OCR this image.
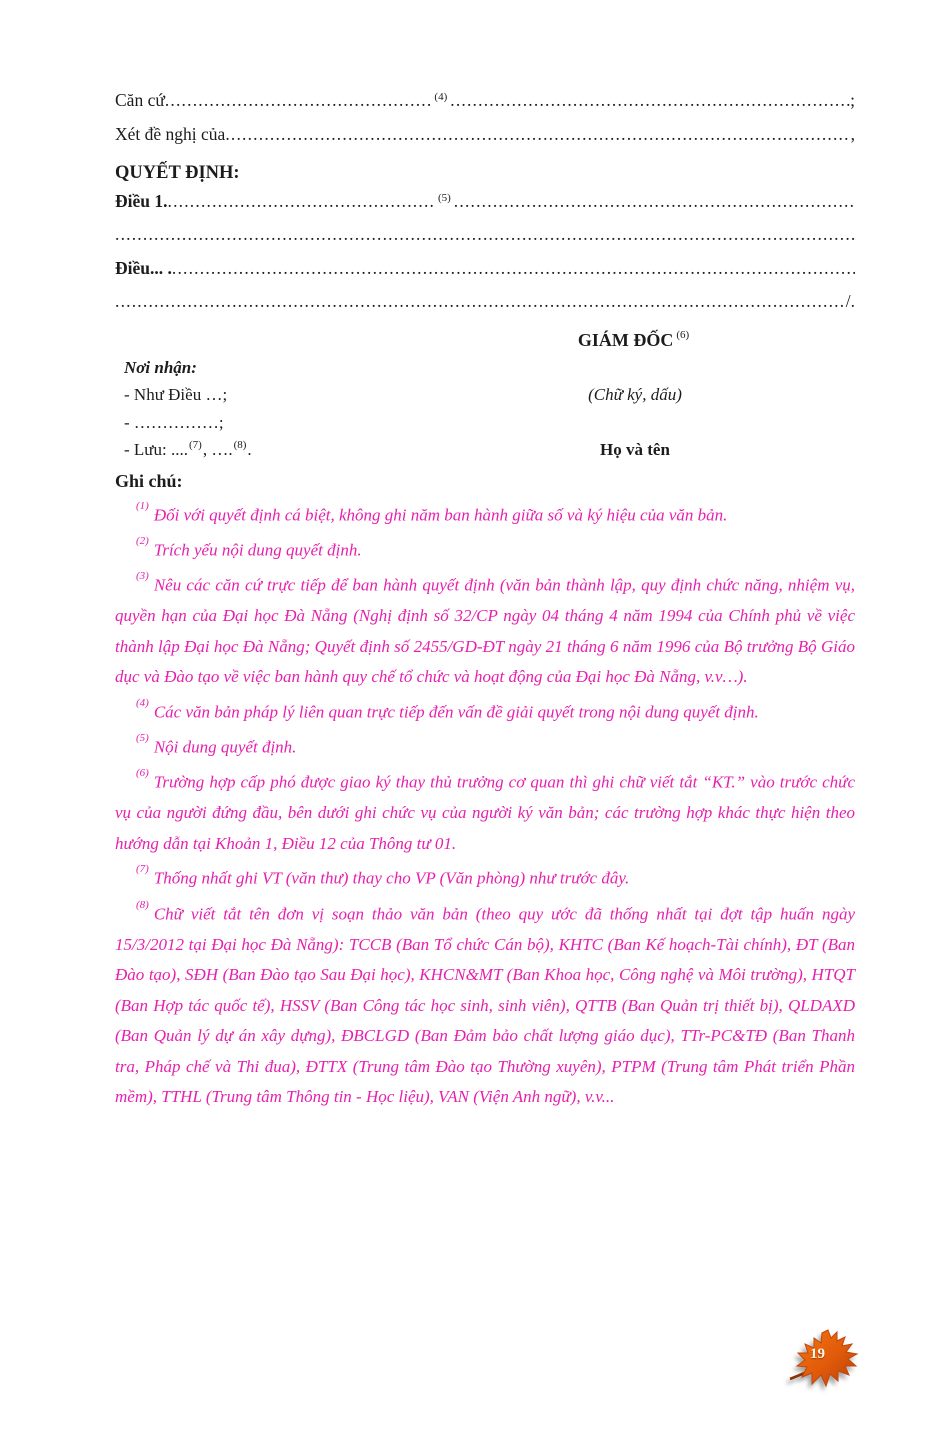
Căn cứ .....	(4) .....	;
Xét đề nghị của .....	,
QUYẾT ĐỊNH:
Điều 1. .....	(5)
.....
.....
Điều... .
.....
.....
/.
Nơi nhận:
- Như Điều …;
- ……………;
- Lưu: .... (7) , …. (8) .
GIÁM ĐỐC (6)
(Chữ ký, dấu)
Họ và tên
Ghi chú:

$^{(1)}$ Đối với quyết định cá biệt, không ghi năm ban hành giữa số và ký hiệu của văn bản.

$^{(2)}$ Trích yếu nội dung quyết định.

$^{(3)}$ Nêu các căn cứ trực tiếp để ban hành quyết định (văn bản thành lập, quy định chức năng, nhiệm vụ, quyền hạn của Đại học Đà Nẵng (Nghị định số 32/CP ngày 04 tháng 4 năm 1994 của Chính phủ về việc thành lập Đại học Đà Nẵng; Quyết định số 2455/GD-ĐT ngày 21 tháng 6 năm 1996 của Bộ trưởng Bộ Giáo dục và Đào tạo về việc ban hành quy chế tổ chức và hoạt động của Đại học Đà Nẵng, v.v…).

$^{(4)}$ Các văn bản pháp lý liên quan trực tiếp đến vấn đề giải quyết trong nội dung quyết định.

$^{(5)}$ Nội dung quyết định.

$^{(6)}$ Trường hợp cấp phó được giao ký thay thủ trưởng cơ quan thì ghi chữ viết tắt “KT.” vào trước chức vụ của người đứng đầu, bên dưới ghi chức vụ của người ký văn bản; các trường hợp khác thực hiện theo hướng dẫn tại Khoản 1, Điều 12 của Thông tư 01.

$^{(7)}$ Thống nhất ghi VT (văn thư) thay cho VP (Văn phòng) như trước đây.

$^{(8)}$ Chữ viết tắt tên đơn vị soạn thảo văn bản (theo quy ước đã thống nhất tại đợt tập huấn ngày 15/3/2012 tại Đại học Đà Nẵng): TCCB (Ban Tổ chức Cán bộ), KHTC (Ban Kế hoạch-Tài chính), ĐT (Ban Đào tạo), SĐH (Ban Đào tạo Sau Đại học), KHCN&MT (Ban Khoa học, Công nghệ và Môi trường), HTQT (Ban Hợp tác quốc tế), HSSV (Ban Công tác học sinh, sinh viên), QTTB (Ban Quản trị thiết bị), QLDAXD (Ban Quản lý dự án xây dựng), ĐBCLGD (Ban Đảm bảo chất lượng giáo dục), TTr-PC&TĐ (Ban Thanh tra, Pháp chế và Thi đua), ĐTTX (Trung tâm Đào tạo Thường xuyên), PTPM (Trung tâm Phát triển Phần mềm), TTHL (Trung tâm Thông tin - Học liệu), VAN (Viện Anh ngữ), v.v...

19
